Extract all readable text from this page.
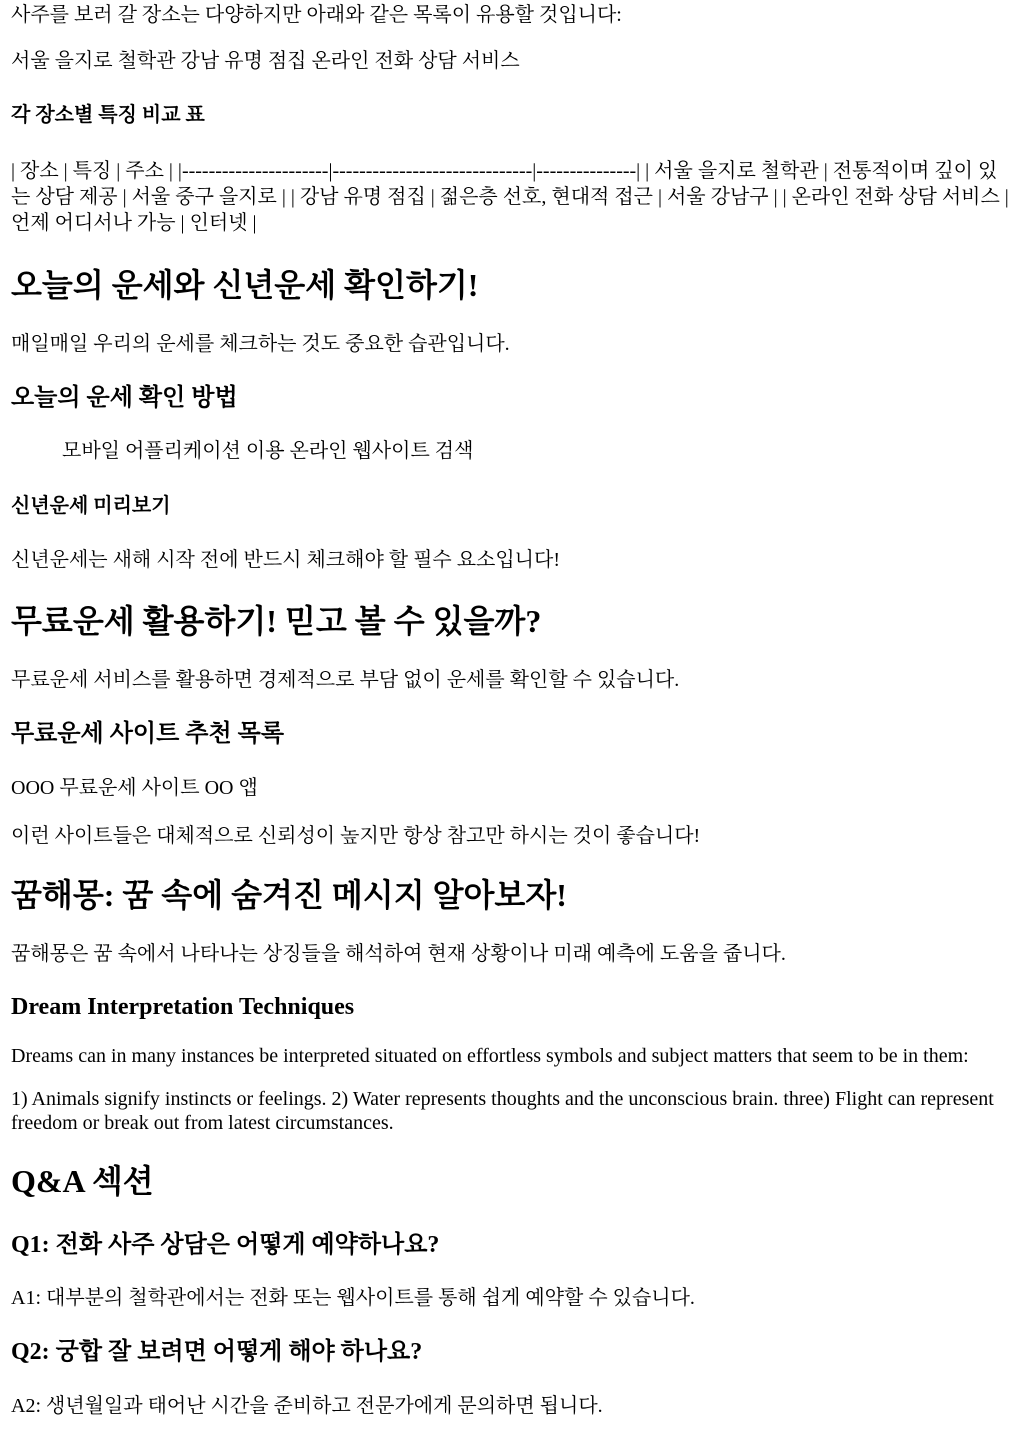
사주를 보러 갈 장소는 다양하지만 아래와 같은 목록이 유용할 것입니다:

서울 을지로 철학관 강남 유명 점집 온라인 전화 상담 서비스

각 장소별 특징 비교 표

| 장소 | 특징 | 주소 | |----------------------|------------------------------|---------------| | 서울 을지로 철학관 | 전통적이며 깊이 있는 상담 제공 | 서울 중구 을지로 | | 강남 유명 점집 | 젊은층 선호, 현대적 접근 | 서울 강남구 | | 온라인 전화 상담 서비스 | 언제 어디서나 가능 | 인터넷 |

오늘의 운세와 신년운세 확인하기!

매일매일 우리의 운세를 체크하는 것도 중요한 습관입니다.

오늘의 운세 확인 방법

모바일 어플리케이션 이용 온라인 웹사이트 검색

신년운세 미리보기

신년운세는 새해 시작 전에 반드시 체크해야 할 필수 요소입니다!

무료운세 활용하기! 믿고 볼 수 있을까?

무료운세 서비스를 활용하면 경제적으로 부담 없이 운세를 확인할 수 있습니다.

무료운세 사이트 추천 목록

OOO 무료운세 사이트 OO 앱

이런 사이트들은 대체적으로 신뢰성이 높지만 항상 참고만 하시는 것이 좋습니다!

꿈해몽: 꿈 속에 숨겨진 메시지 알아보자!

꿈해몽은 꿈 속에서 나타나는 상징들을 해석하여 현재 상황이나 미래 예측에 도움을 줍니다.

Dream Interpretation Techniques

Dreams can in many instances be interpreted situated on effortless symbols and subject matters that seem to be in them:

1) Animals signify instincts or feelings. 2) Water represents thoughts and the unconscious brain. three) Flight can represent freedom or break out from latest circumstances.

Q&A 섹션
Q1: 전화 사주 상담은 어떻게 예약하나요?

A1: 대부분의 철학관에서는 전화 또는 웹사이트를 통해 쉽게 예약할 수 있습니다.

Q2: 궁합 잘 보려면 어떻게 해야 하나요?

A2: 생년월일과 태어난 시간을 준비하고 전문가에게 문의하면 됩니다.
